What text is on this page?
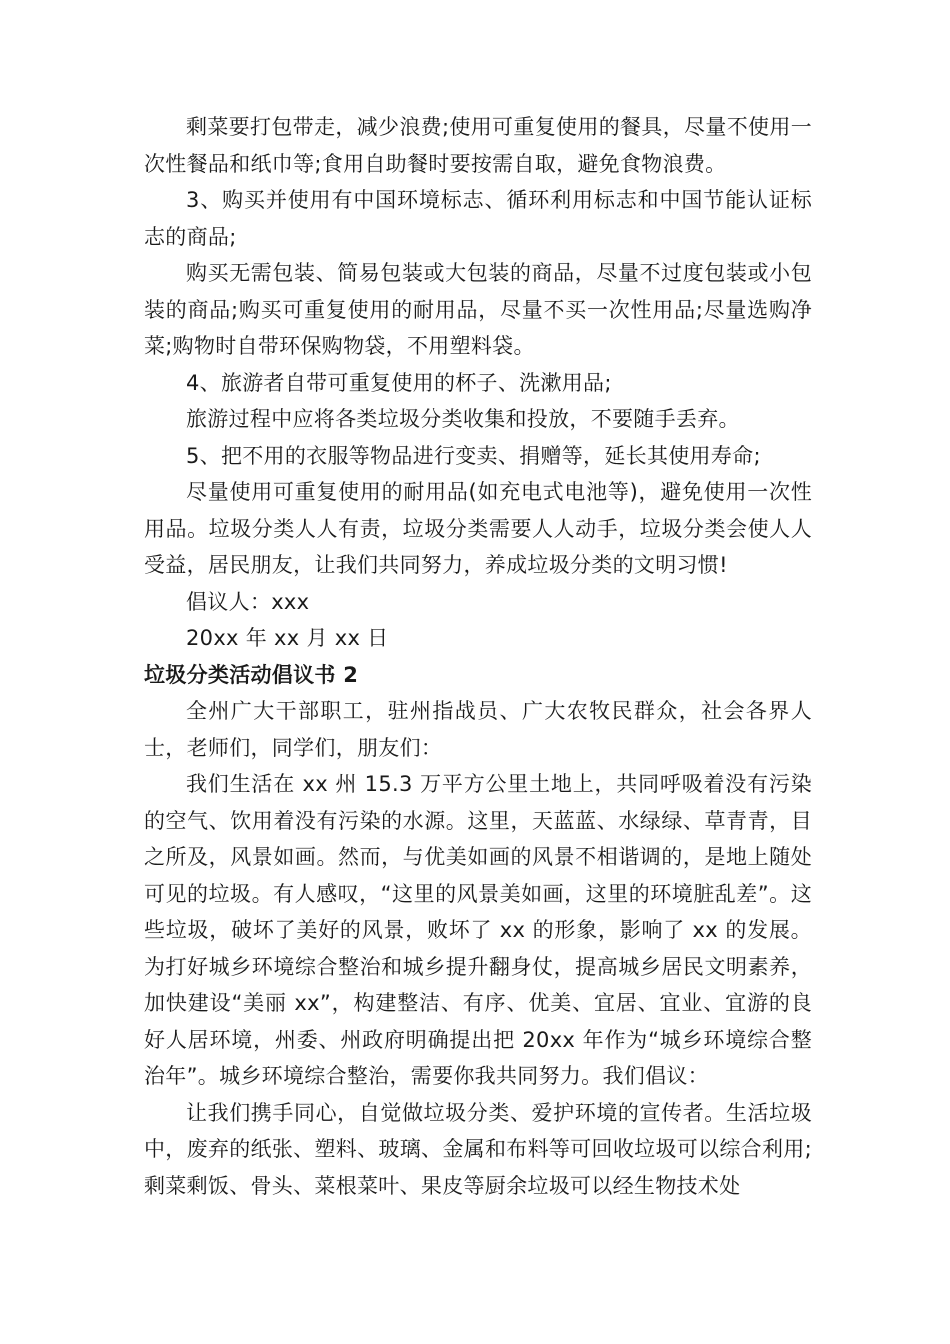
剩菜要打包带走，减少浪费;使用可重复使用的餐具，尽量不使用一次性餐品和纸巾等;食用自助餐时要按需自取，避免食物浪费。

3、购买并使用有中国环境标志、循环利用标志和中国节能认证标志的商品;

购买无需包装、简易包装或大包装的商品，尽量不过度包装或小包装的商品;购买可重复使用的耐用品，尽量不买一次性用品;尽量选购净菜;购物时自带环保购物袋，不用塑料袋。

4、旅游者自带可重复使用的杯子、洗漱用品;

旅游过程中应将各类垃圾分类收集和投放，不要随手丢弃。

5、把不用的衣服等物品进行变卖、捐赠等，延长其使用寿命;

尽量使用可重复使用的耐用品(如充电式电池等)，避免使用一次性用品。垃圾分类人人有责，垃圾分类需要人人动手，垃圾分类会使人人受益，居民朋友，让我们共同努力，养成垃圾分类的文明习惯!

倡议人：xxx

20xx 年 xx 月 xx 日

垃圾分类活动倡议书 2

全州广大干部职工，驻州指战员、广大农牧民群众，社会各界人士，老师们，同学们，朋友们：

我们生活在 xx 州 15.3 万平方公里土地上，共同呼吸着没有污染的空气、饮用着没有污染的水源。这里，天蓝蓝、水绿绿、草青青，目之所及，风景如画。然而，与优美如画的风景不相谐调的，是地上随处可见的垃圾。有人感叹，“这里的风景美如画，这里的环境脏乱差”。这些垃圾，破坏了美好的风景，败坏了 xx 的形象，影响了 xx 的发展。为打好城乡环境综合整治和城乡提升翻身仗，提高城乡居民文明素养，加快建设“美丽 xx”，构建整洁、有序、优美、宜居、宜业、宜游的良好人居环境，州委、州政府明确提出把 20xx 年作为“城乡环境综合整治年”。城乡环境综合整治，需要你我共同努力。我们倡议：

让我们携手同心，自觉做垃圾分类、爱护环境的宣传者。生活垃圾中，废弃的纸张、塑料、玻璃、金属和布料等可回收垃圾可以综合利用;剩菜剩饭、骨头、菜根菜叶、果皮等厨余垃圾可以经生物技术处
